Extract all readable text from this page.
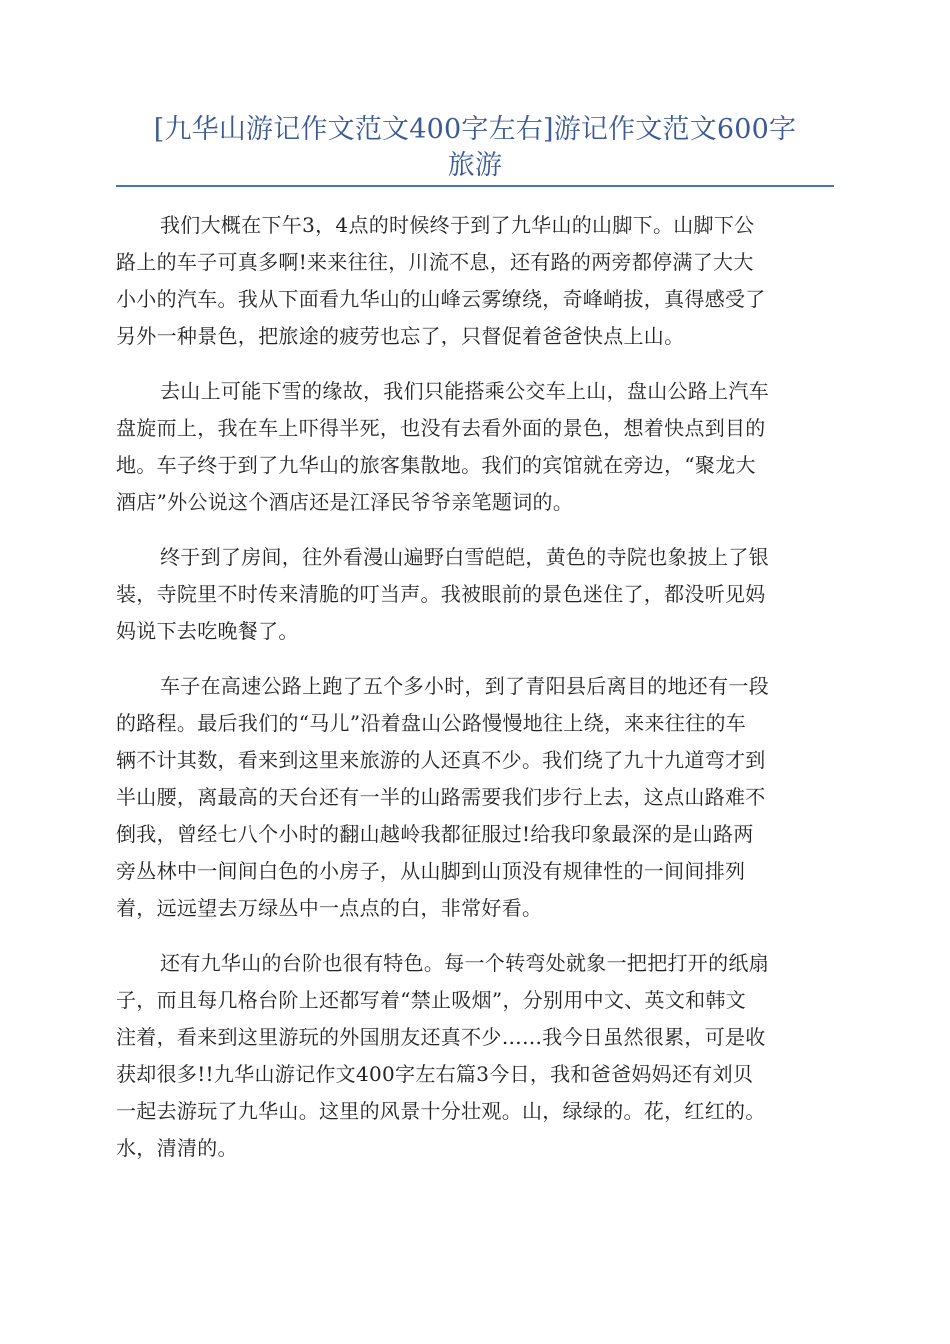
[九华山游记作文范文400字左右]游记作文范文600字
旅游

我们大概在下午3，4点的时候终于到了九华山的山脚下。山脚下公
路上的车子可真多啊!来来往往，川流不息，还有路的两旁都停满了大大
小小的汽车。我从下面看九华山的山峰云雾缭绕，奇峰峭拔，真得感受了
另外一种景色，把旅途的疲劳也忘了，只督促着爸爸快点上山。

去山上可能下雪的缘故，我们只能搭乘公交车上山，盘山公路上汽车
盘旋而上，我在车上吓得半死，也没有去看外面的景色，想着快点到目的
地。车子终于到了九华山的旅客集散地。我们的宾馆就在旁边，“聚龙大
酒店”外公说这个酒店还是江泽民爷爷亲笔题词的。

终于到了房间，往外看漫山遍野白雪皑皑，黄色的寺院也象披上了银
装，寺院里不时传来清脆的叮当声。我被眼前的景色迷住了，都没听见妈
妈说下去吃晚餐了。

车子在高速公路上跑了五个多小时，到了青阳县后离目的地还有一段
的路程。最后我们的“马儿”沿着盘山公路慢慢地往上绕，来来往往的车
辆不计其数，看来到这里来旅游的人还真不少。我们绕了九十九道弯才到
半山腰，离最高的天台还有一半的山路需要我们步行上去，这点山路难不
倒我，曾经七八个小时的翻山越岭我都征服过!给我印象最深的是山路两
旁丛林中一间间白色的小房子，从山脚到山顶没有规律性的一间间排列
着，远远望去万绿丛中一点点的白，非常好看。

还有九华山的台阶也很有特色。每一个转弯处就象一把把打开的纸扇
子，而且每几格台阶上还都写着“禁止吸烟”，分别用中文、英文和韩文
注着，看来到这里游玩的外国朋友还真不少……我今日虽然很累，可是收
获却很多!!九华山游记作文400字左右篇3今日，我和爸爸妈妈还有刘贝
一起去游玩了九华山。这里的风景十分壮观。山，绿绿的。花，红红的。
水，清清的。
